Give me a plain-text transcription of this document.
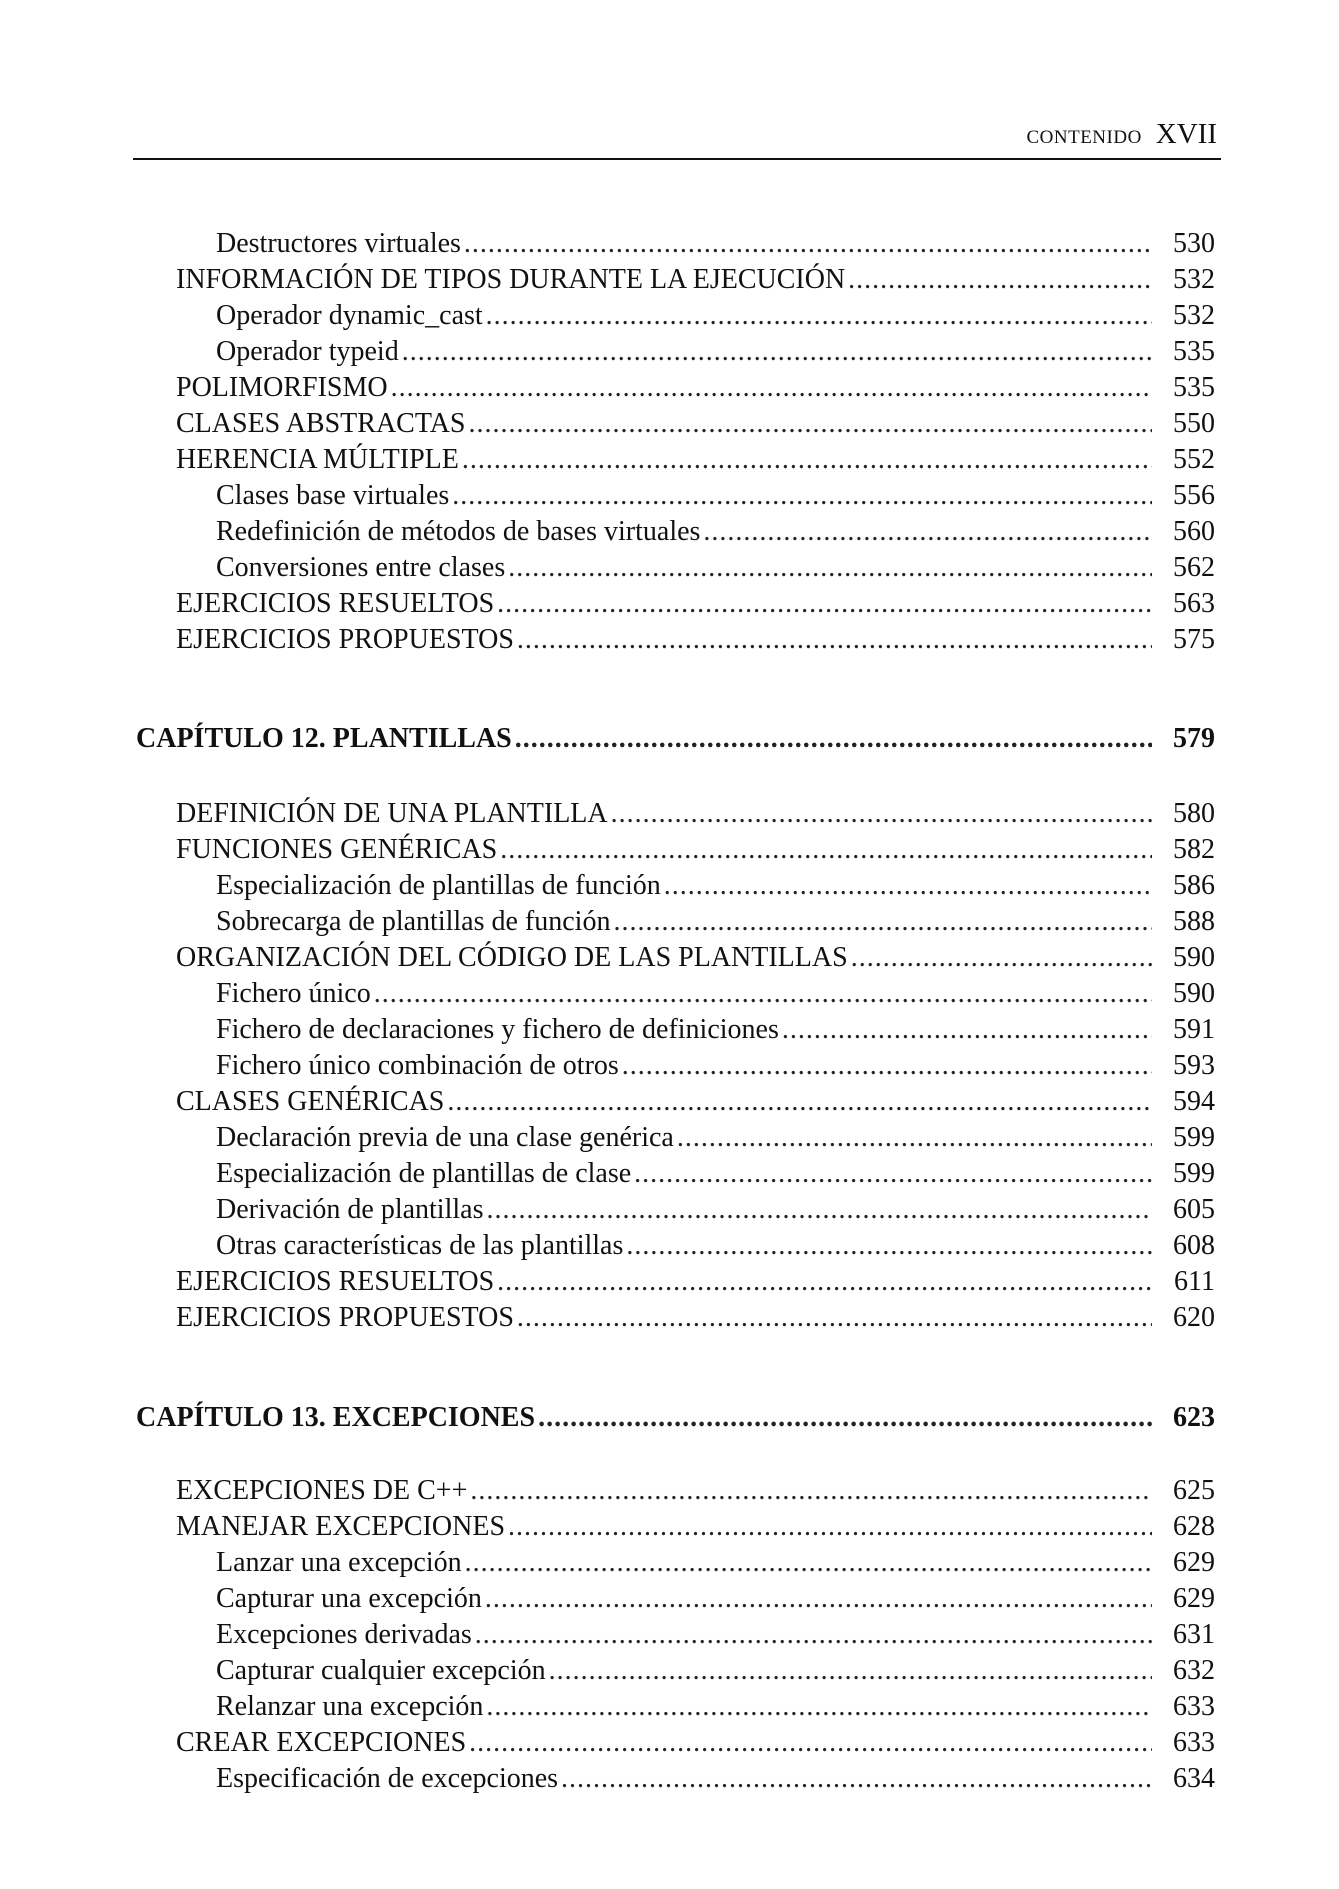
CONTENIDO XVII
Destructores virtuales .....	530
INFORMACIÓN DE TIPOS DURANTE LA EJECUCIÓN .....	532
Operador dynamic_cast .....	532
Operador typeid .....	535
POLIMORFISMO .....	535
CLASES ABSTRACTAS .....	550
HERENCIA MÚLTIPLE .....	552
Clases base virtuales .....	556
Redefinición de métodos de bases virtuales .....	560
Conversiones entre clases .....	562
EJERCICIOS RESUELTOS .....	563
EJERCICIOS PROPUESTOS .....	575
CAPÍTULO 12. PLANTILLAS .....	579
DEFINICIÓN DE UNA PLANTILLA .....	580
FUNCIONES GENÉRICAS .....	582
Especialización de plantillas de función .....	586
Sobrecarga de plantillas de función .....	588
ORGANIZACIÓN DEL CÓDIGO DE LAS PLANTILLAS .....	590
Fichero único .....	590
Fichero de declaraciones y fichero de definiciones .....	591
Fichero único combinación de otros .....	593
CLASES GENÉRICAS .....	594
Declaración previa de una clase genérica .....	599
Especialización de plantillas de clase .....	599
Derivación de plantillas .....	605
Otras características de las plantillas .....	608
EJERCICIOS RESUELTOS .....	611
EJERCICIOS PROPUESTOS .....	620
CAPÍTULO 13. EXCEPCIONES .....	623
EXCEPCIONES DE C++ .....	625
MANEJAR EXCEPCIONES .....	628
Lanzar una excepción .....	629
Capturar una excepción .....	629
Excepciones derivadas .....	631
Capturar cualquier excepción .....	632
Relanzar una excepción .....	633
CREAR EXCEPCIONES .....	633
Especificación de excepciones .....	634
